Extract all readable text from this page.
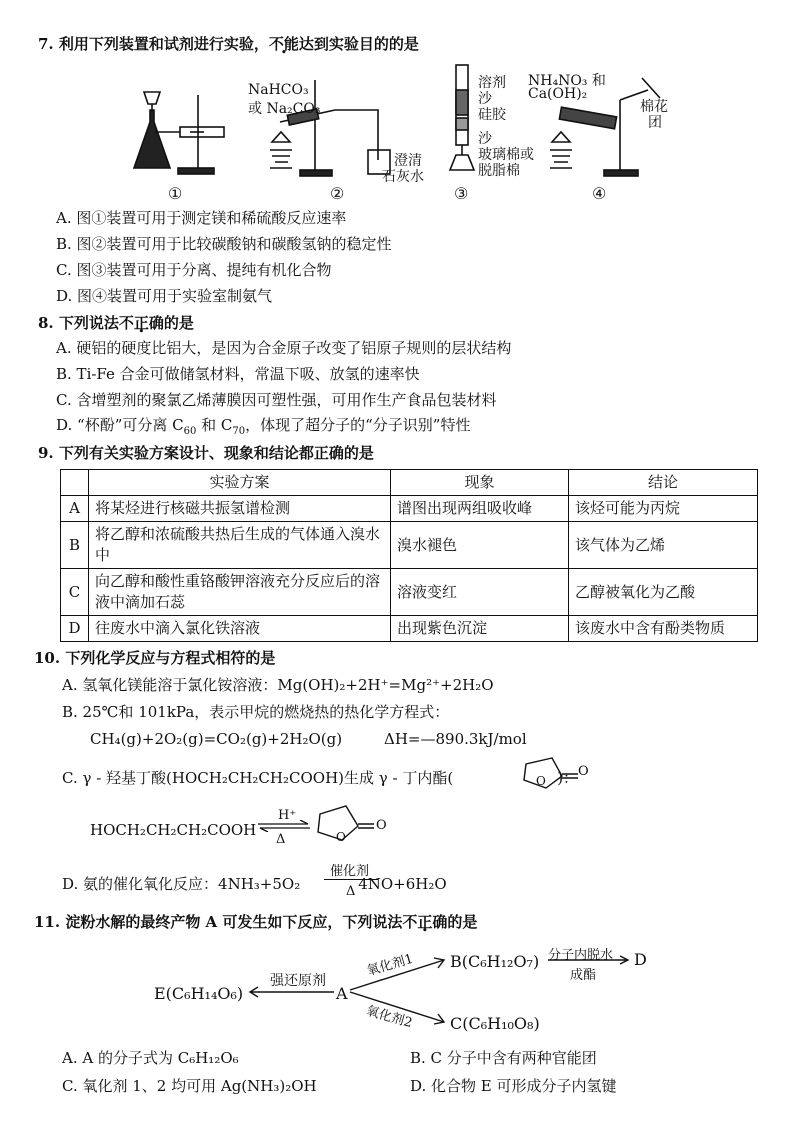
7. 利用下列装置和试剂进行实验，不能达到实验目的的是
NaHCO₃
或 Na₂CO₃
澄清
石灰水
溶剂
沙
硅胶
沙
玻璃棉或
脱脂棉
NH₄NO₃ 和
Ca(OH)₂
棉花
团
①	②	③	④
A. 图①装置可用于测定镁和稀硫酸反应速率
B. 图②装置可用于比较碳酸钠和碳酸氢钠的稳定性
C. 图③装置可用于分离、提纯有机化合物
D. 图④装置可用于实验室制氨气
8. 下列说法不正确的是
A. 硬铝的硬度比铝大，是因为合金原子改变了铝原子规则的层状结构
B. Ti-Fe 合金可做储氢材料，常温下吸、放氢的速率快
C. 含增塑剂的聚氯乙烯薄膜因可塑性强，可用作生产食品包装材料
D. “杯酚”可分离 $C_{60}$ 和 $C_{70}$，体现了超分子的“分子识别”特性
9. 下列有关实验方案设计、现象和结论都正确的是
	实验方案	现象	结论
A	将某烃进行核磁共振氢谱检测	谱图出现两组吸收峰	该烃可能为丙烷
B	将乙醇和浓硫酸共热后生成的气体通入溴水中	溴水褪色	该气体为乙烯
C	向乙醇和酸性重铬酸钾溶液充分反应后的溶液中滴加石蕊	溶液变红	乙醇被氧化为乙酸
D	往废水中滴入氯化铁溶液	出现紫色沉淀	该废水中含有酚类物质
10. 下列化学反应与方程式相符的是
A. 氢氧化镁能溶于氯化铵溶液：Mg(OH)₂+2H⁺=Mg²⁺+2H₂O
B. 25℃和 101kPa，表示甲烷的燃烧热的热化学方程式：
CH₄(g)+2O₂(g)=CO₂(g)+2H₂O(g)	ΔH=—890.3kJ/mol
C. γ - 羟基丁酸(HOCH₂CH₂CH₂COOH)生成 γ - 丁内酯(	)：
O
O
HOCH₂CH₂CH₂COOH
H⁺
Δ	O
O
D. 氨的催化氧化反应：4NH₃+5O₂	4NO+6H₂O
催化剂
Δ
11. 淀粉水解的最终产物 A 可发生如下反应，下列说法不正确的是
E(C₆H₁₄O₆)
强还原剂
A
氧化剂1
氧化剂2
B(C₆H₁₂O₇) 分子内脱水
成酯
D
C(C₆H₁₀O₈)
A. A 的分子式为 C₆H₁₂O₆	B. C 分子中含有两种官能团
C. 氧化剂 1、2 均可用 Ag(NH₃)₂OH	D. 化合物 E 可形成分子内氢键
